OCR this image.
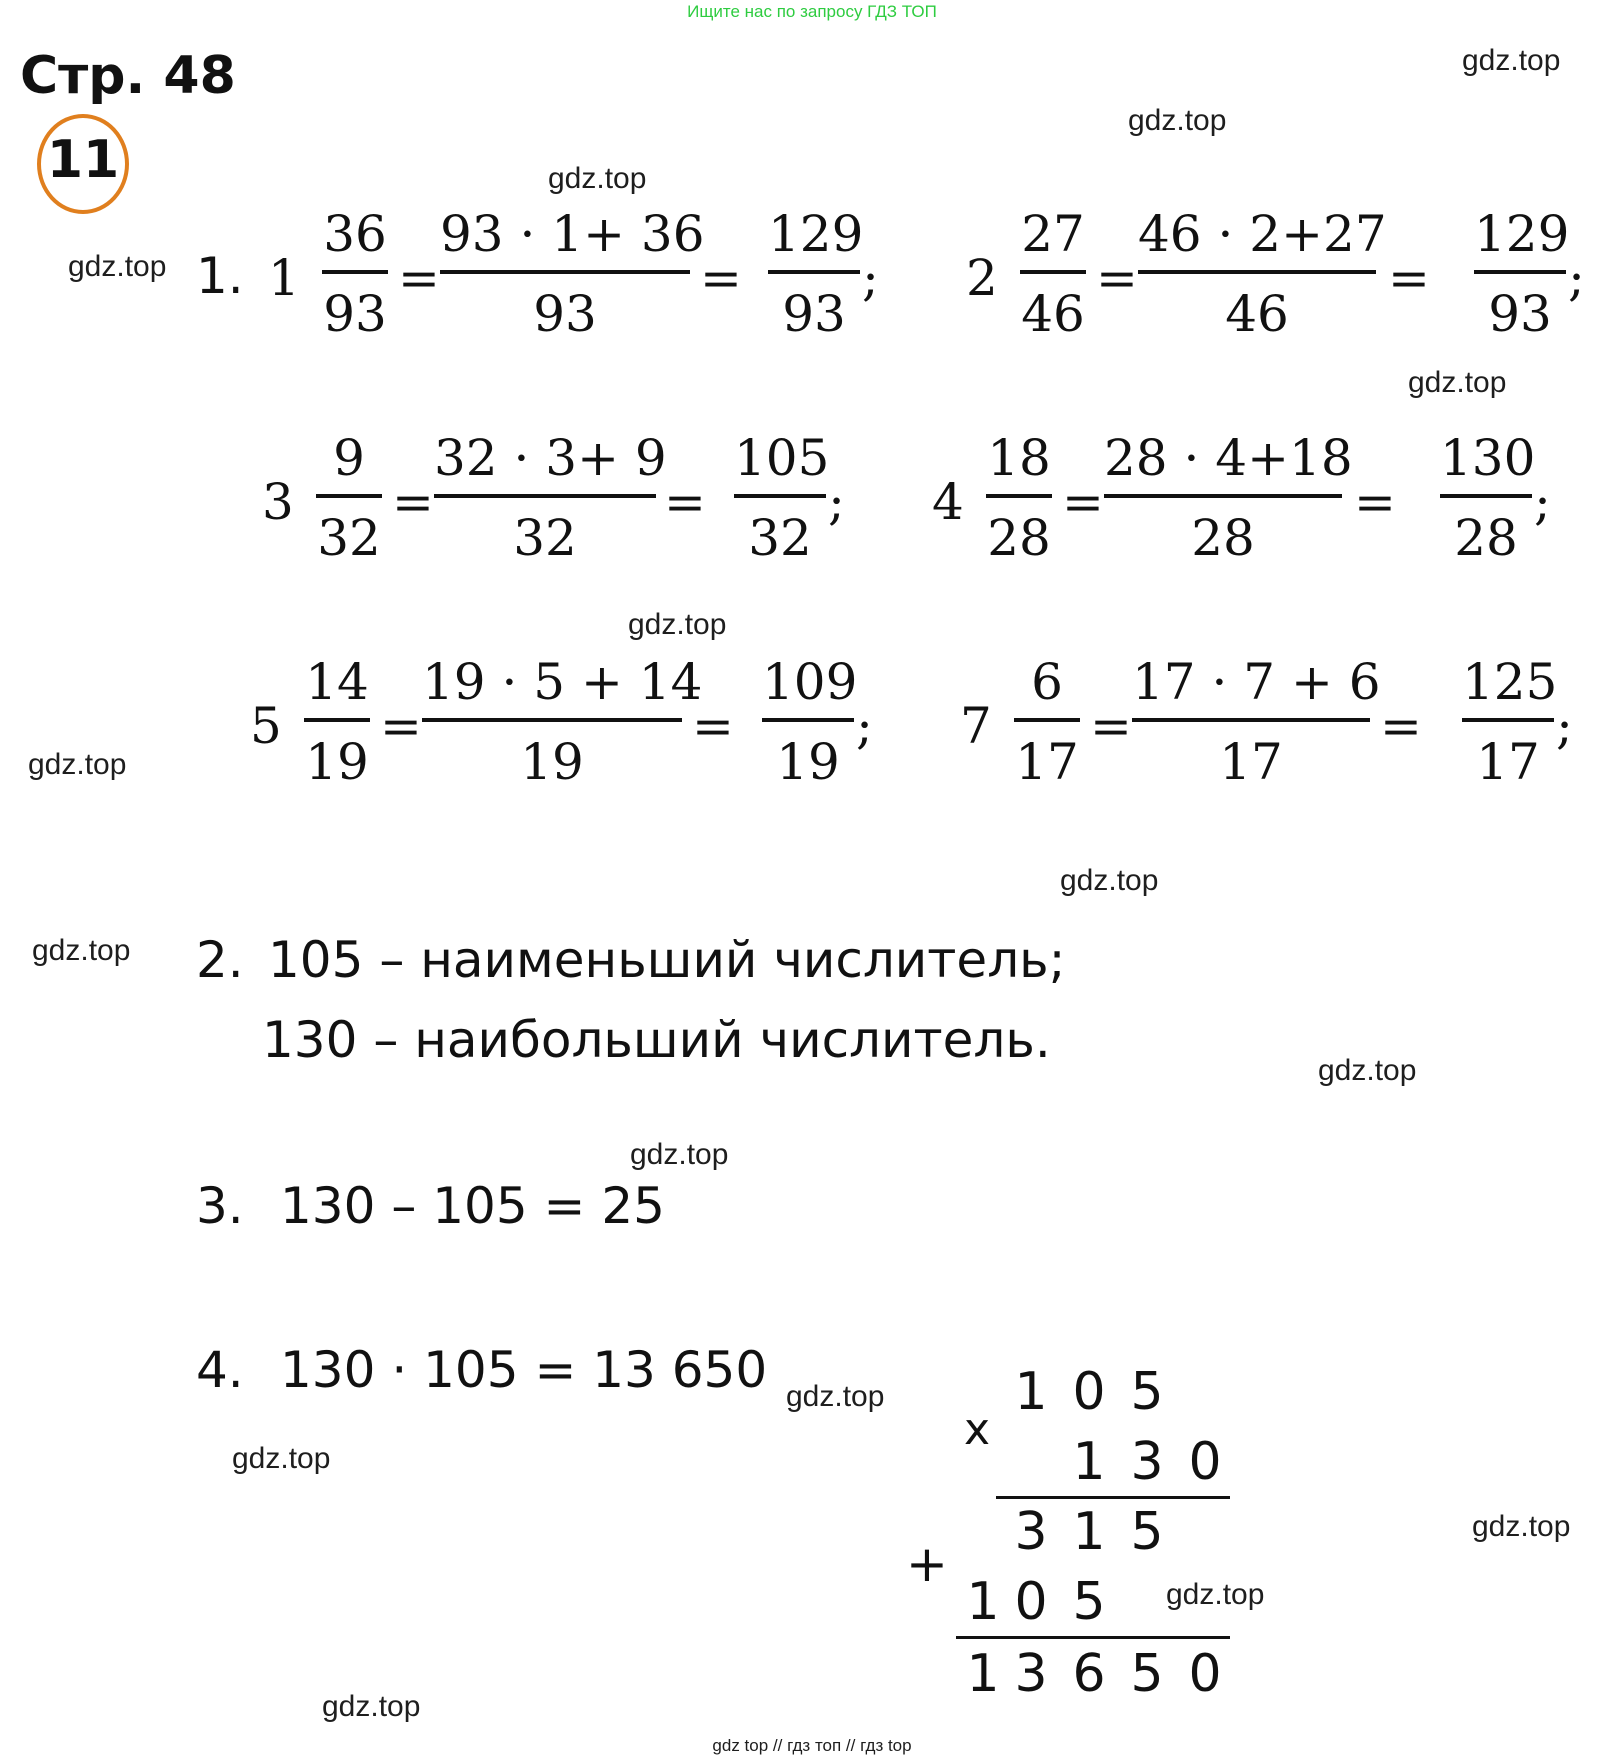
Ищите нас по запросу ГДЗ ТОП
Стр. 48
11
gdz.top
gdz.top
gdz.top
gdz.top
gdz.top
gdz.top
gdz.top
gdz.top
gdz.top
gdz.top
gdz.top
gdz.top
gdz.top
gdz.top
gdz.top
gdz.top
1. 1
36
93
=
93 · 1+ 36
93
=
129
93
; 2
27
46
=
46 · 2+27
46
=
129
93
;
3
9
32
=
32 · 3+ 9
32
=
105
32
; 4
18
28
=
28 · 4+18
28
=
130
28
;
5
14
19
=
19 · 5 + 14
19
=
109
19
; 7
6
17
=
17 · 7 + 6
17
=
125
17
;
2. 105 – наименьший числитель;
130 – наибольший числитель.
3. 130 – 105 = 25
4. 130 · 105 = 13 650
x
1 0 5
1 3 0
3 1 5
+
1 0 5
1 3 6 5 0
gdz top // гдз топ // гдз top
